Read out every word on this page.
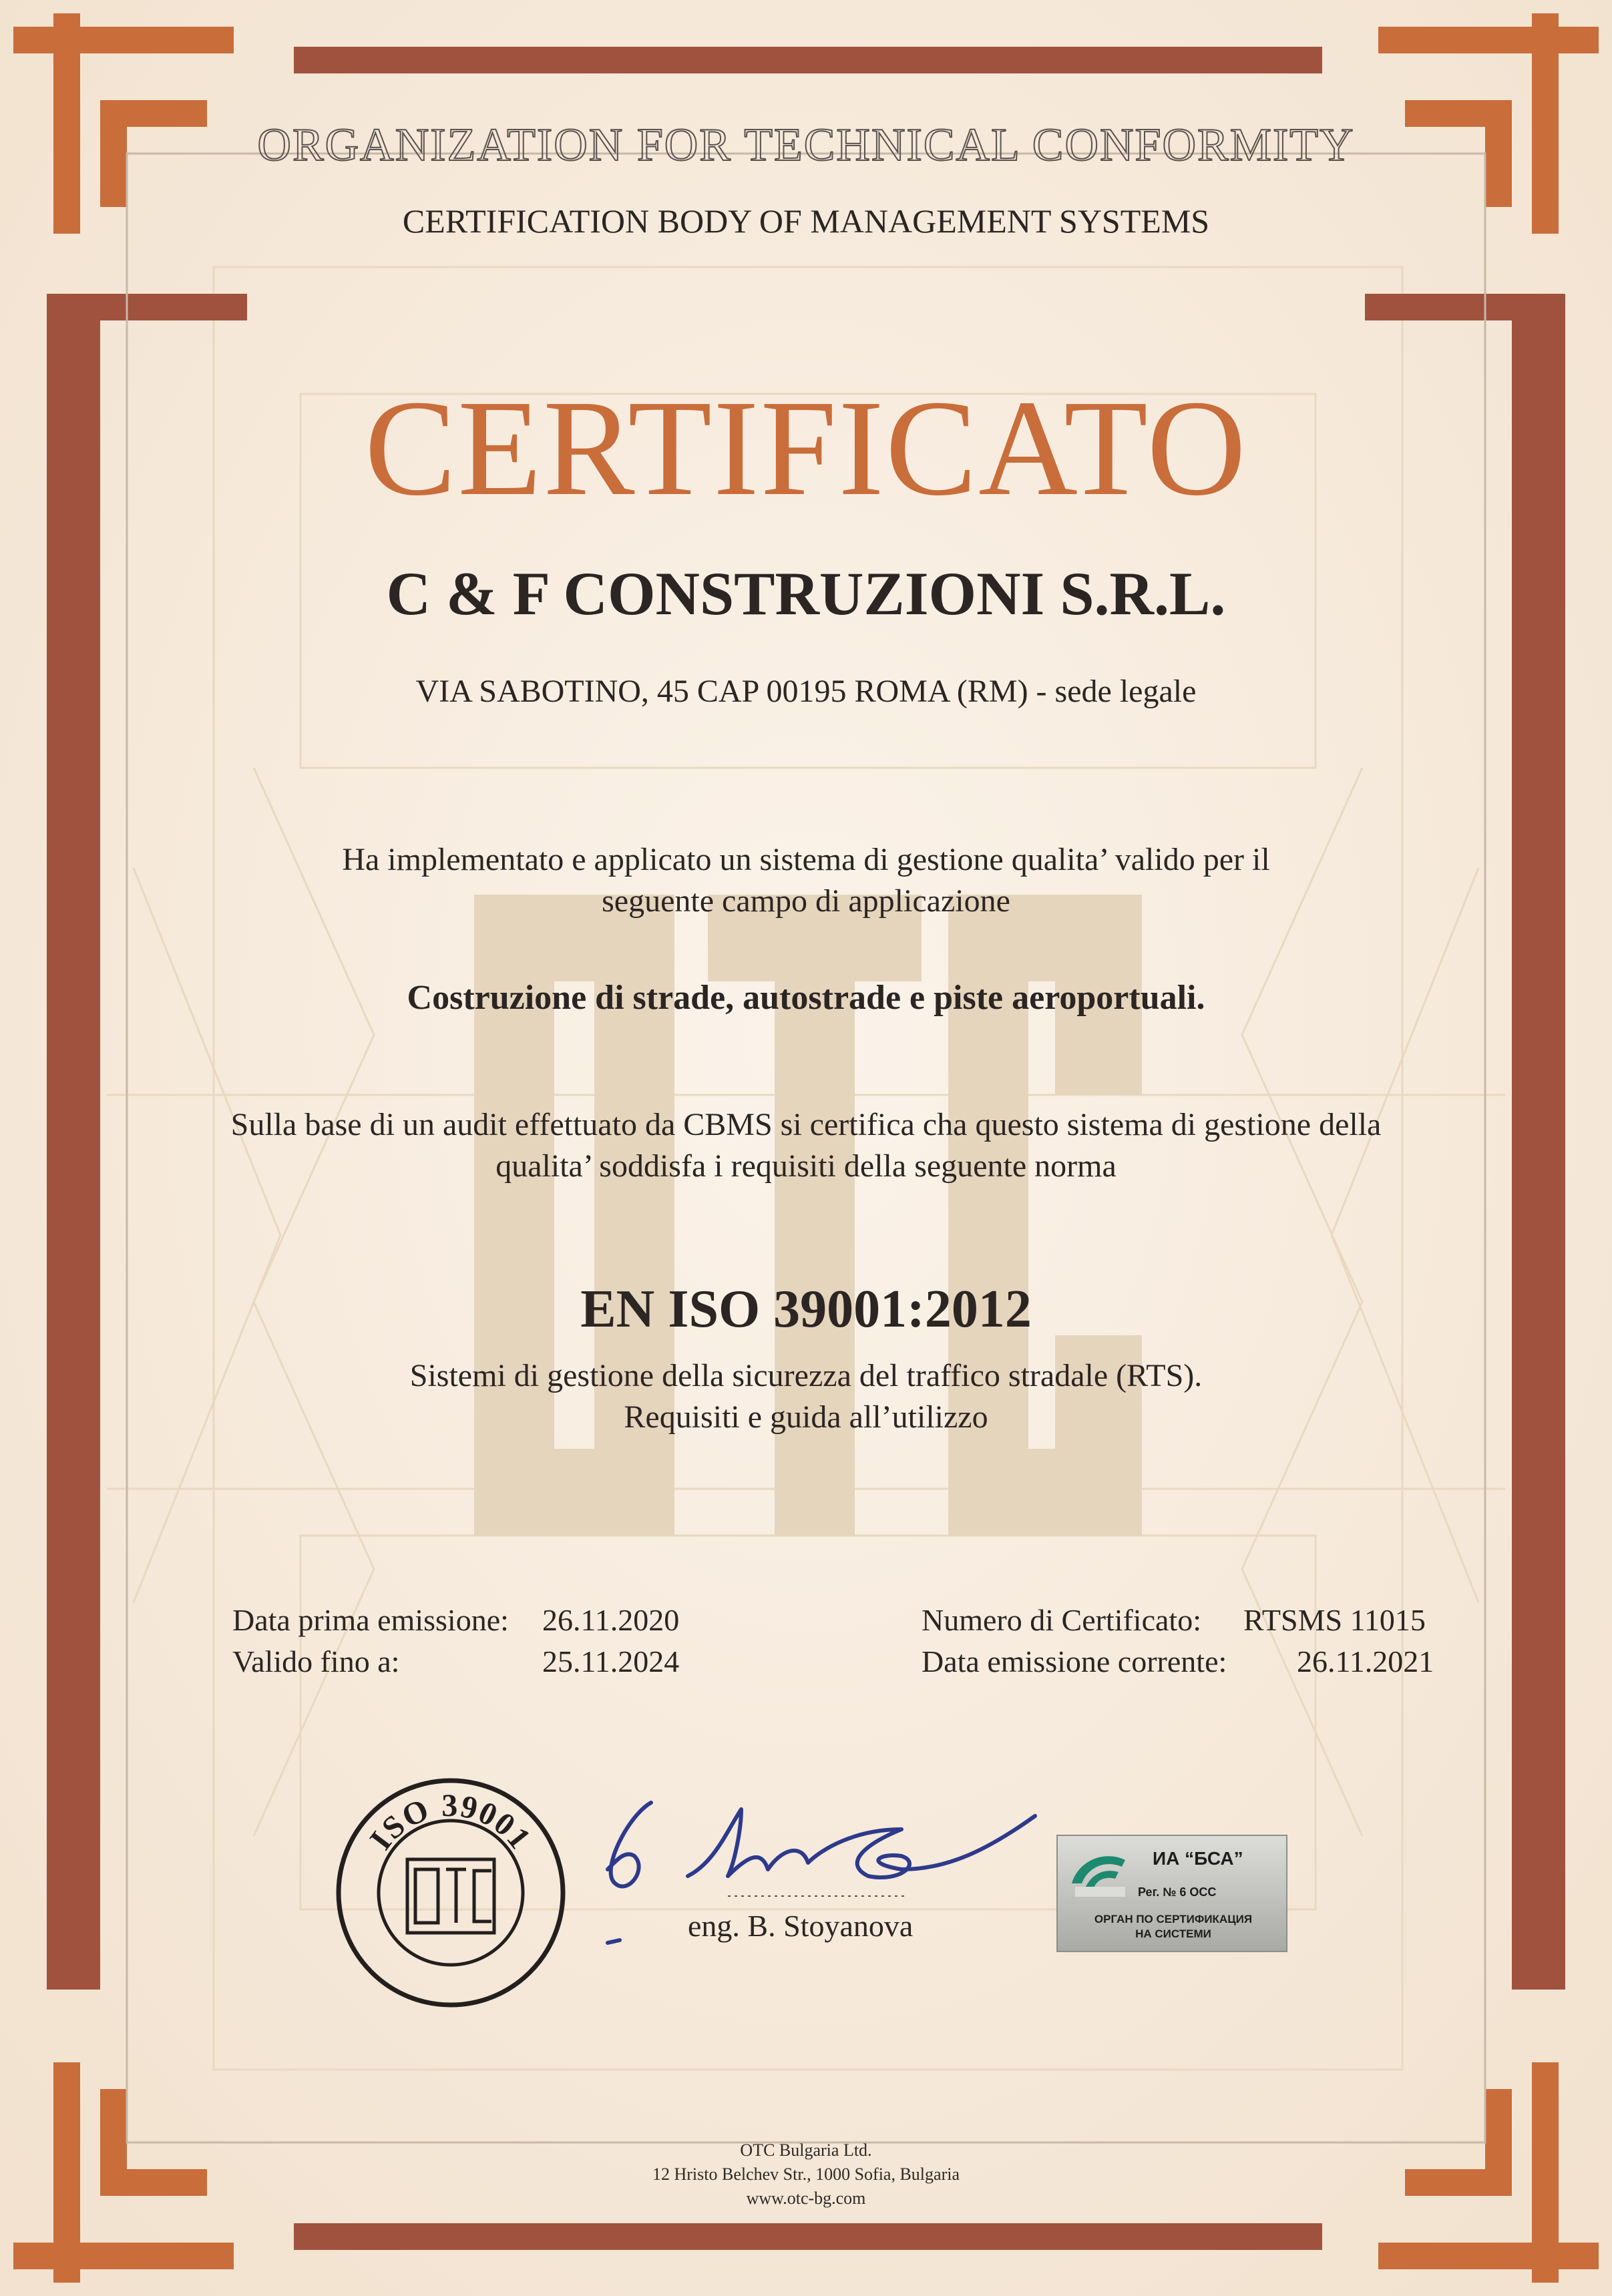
ORGANIZATION FOR TECHNICAL CONFORMITY
CERTIFICATION BODY OF MANAGEMENT SYSTEMS
CERTIFICATO
C & F CONSTRUZIONI S.R.L.
VIA SABOTINO, 45 CAP 00195 ROMA (RM) - sede legale
Ha implementato e applicato un sistema di gestione qualita’ valido per il
seguente campo di applicazione
Costruzione di strade, autostrade e piste aeroportuali.
Sulla base di un audit effettuato da CBMS si certifica cha questo sistema di gestione della
qualita’ soddisfa i requisiti della seguente norma
EN ISO 39001:2012
Sistemi di gestione della sicurezza del traffico stradale (RTS).
Requisiti e guida all’utilizzo
Data prima emissione: 26.11.2020
Valido fino a:	25.11.2024
Numero di Certificato: RTSMS 11015
Data emissione corrente: 26.11.2021
ISO 39001
OTC
eng. B. Stoyanova
ИА “БСА”
Рег. № 6 ОСС
ОРГАН ПО СЕРТИФИКАЦИЯ
НА СИСТЕМИ
OTC Bulgaria Ltd.
12 Hristo Belchev Str., 1000 Sofia, Bulgaria
www.otc-bg.com
